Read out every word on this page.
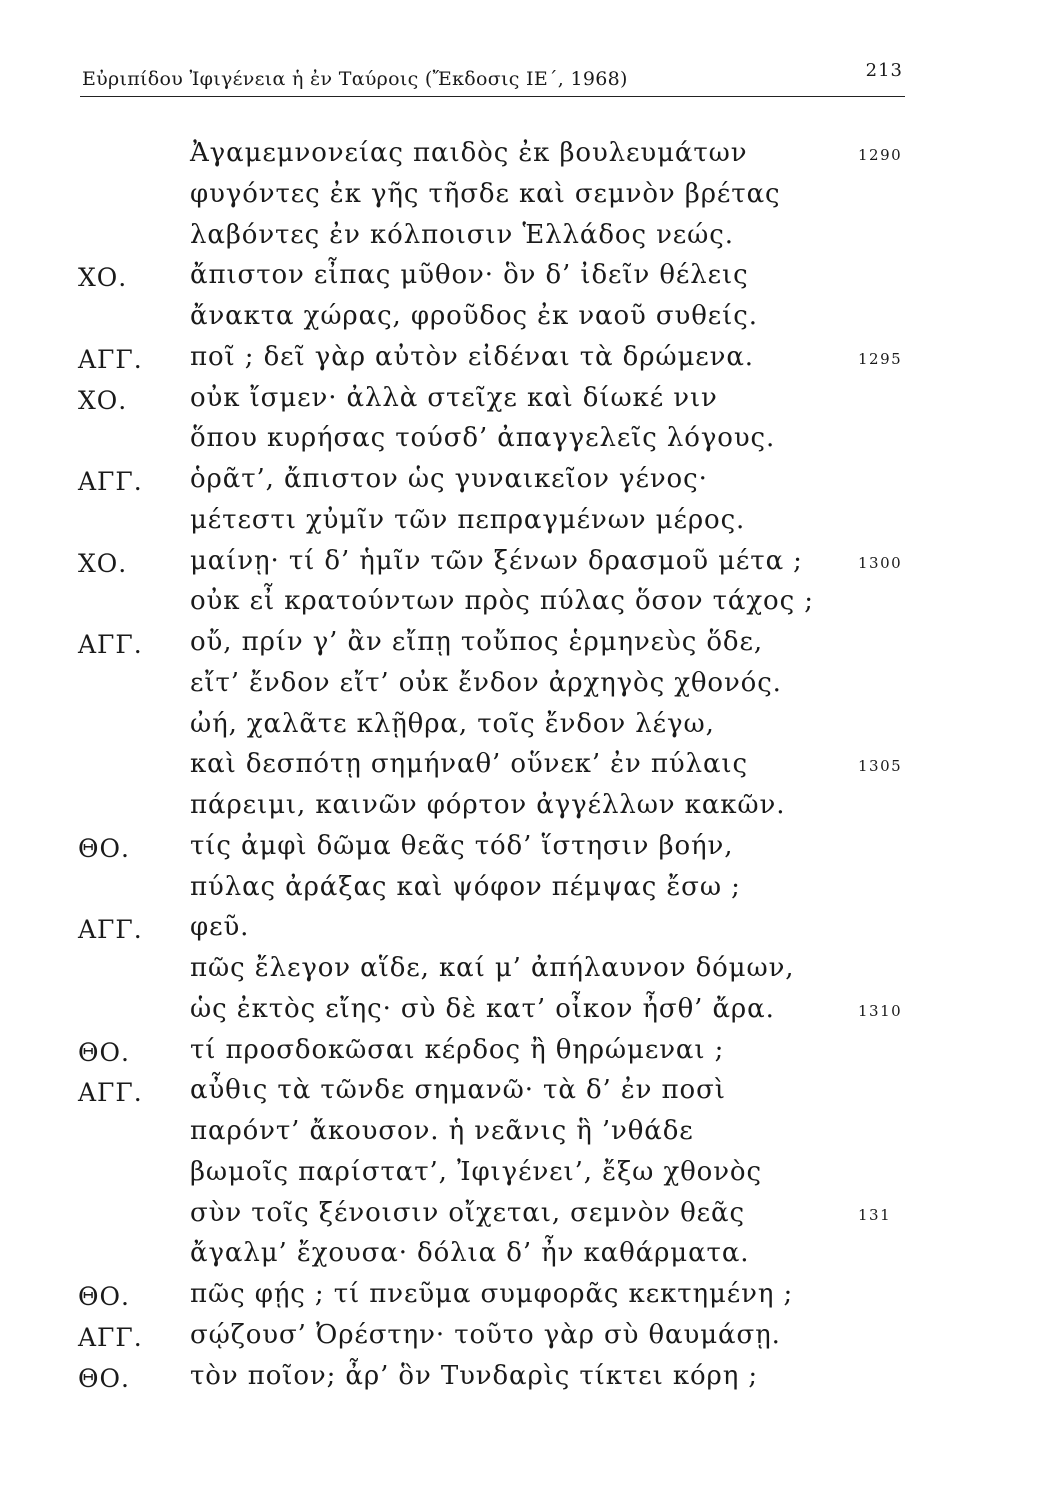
Εὐριπίδου Ἰφιγένεια ἡ ἐν Ταύροις (Ἔκδοσις ΙΕ΄, 1968)	213
Ἀγαμεμνονείας παιδὸς ἐκ βουλευμάτων	1290
φυγόντες ἐκ γῆς τῆσδε καὶ σεμνὸν βρέτας
λαβόντες ἐν κόλποισιν Ἑλλάδος νεώς.
ΧΟ. ἄπιστον εἶπας μῦθον· ὃν δ’ ἰδεῖν θέλεις
ἄνακτα χώρας, φροῦδος ἐκ ναοῦ συθείς.
ΑΓΓ. ποῖ ; δεῖ γὰρ αὐτὸν εἰδέναι τὰ δρώμενα.	1295
ΧΟ. οὐκ ἴσμεν· ἀλλὰ στεῖχε καὶ δίωκέ νιν
ὅπου κυρήσας τούσδ’ ἀπαγγελεῖς λόγους.
ΑΓΓ. ὁρᾶτ’, ἄπιστον ὡς γυναικεῖον γένος·
μέτεστι χὐμῖν τῶν πεπραγμένων μέρος.
ΧΟ. μαίνῃ· τί δ’ ἡμῖν τῶν ξένων δρασμοῦ μέτα ;	1300
οὐκ εἶ κρατούντων πρὸς πύλας ὅσον τάχος ;
ΑΓΓ. οὔ, πρίν γ’ ἂν εἴπῃ τοὔπος ἑρμηνεὺς ὅδε,
εἴτ’ ἔνδον εἴτ’ οὐκ ἔνδον ἀρχηγὸς χθονός.
ὠή, χαλᾶτε κλῇθρα, τοῖς ἔνδον λέγω,
καὶ δεσπότῃ σημήναθ’ οὕνεκ’ ἐν πύλαις	1305
πάρειμι, καινῶν φόρτον ἀγγέλλων κακῶν.
ΘΟ. τίς ἀμφὶ δῶμα θεᾶς τόδ’ ἵστησιν βοήν,
πύλας ἀράξας καὶ ψόφον πέμψας ἔσω ;
ΑΓΓ. φεῦ.
πῶς ἔλεγον αἵδε, καί μ’ ἀπήλαυνον δόμων,
ὡς ἐκτὸς εἴης· σὺ δὲ κατ’ οἶκον ἦσθ’ ἄρα.	1310
ΘΟ. τί προσδοκῶσαι κέρδος ἢ θηρώμεναι ;
ΑΓΓ. αὖθις τὰ τῶνδε σημανῶ· τὰ δ’ ἐν ποσὶ
παρόντ’ ἄκουσον. ἡ νεᾶνις ἣ ’νθάδε
βωμοῖς παρίστατ’, Ἰφιγένει’, ἔξω χθονὸς
σὺν τοῖς ξένοισιν οἴχεται, σεμνὸν θεᾶς	131
ἄγαλμ’ ἔχουσα· δόλια δ’ ἦν καθάρματα.
ΘΟ. πῶς φῄς ; τί πνεῦμα συμφορᾶς κεκτημένη ;
ΑΓΓ. σῴζουσ’ Ὀρέστην· τοῦτο γὰρ σὺ θαυμάσῃ.
ΘΟ. τὸν ποῖον; ἆρ’ ὃν Τυνδαρὶς τίκτει κόρη ;
